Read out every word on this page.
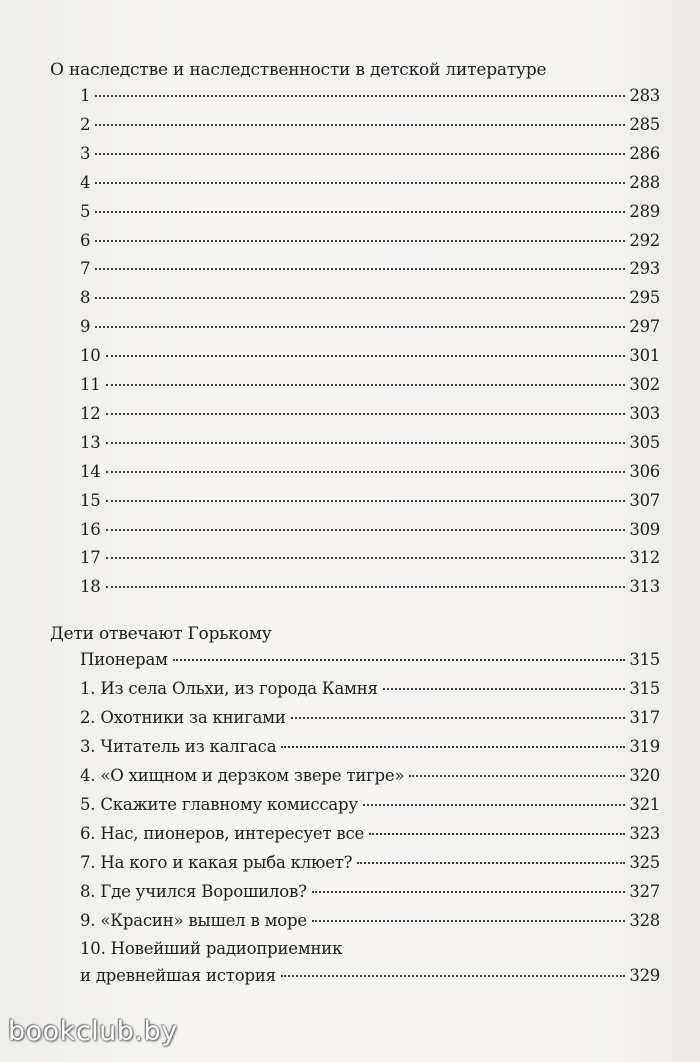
О наследстве и наследственности в детской литературе
1	283
2	285
3	286
4	288
5	289
6	292
7	293
8	295
9	297
10	301
11	302
12	303
13	305
14	306
15	307
16	309
17	312
18	313
Дети отвечают Горькому
Пионерам	315
1. Из села Ольхи, из города Камня	315
2. Охотники за книгами	317
3. Читатель из калгаса	319
4. «О хищном и дерзком звере тигре»	320
5. Скажите главному комиссару	321
6. Нас, пионеров, интересует все	323
7. На кого и какая рыба клюет?	325
8. Где учился Ворошилов?	327
9. «Красин» вышел в море	328
10. Новейший радиоприемник
и древнейшая история	329
bookclub.by
